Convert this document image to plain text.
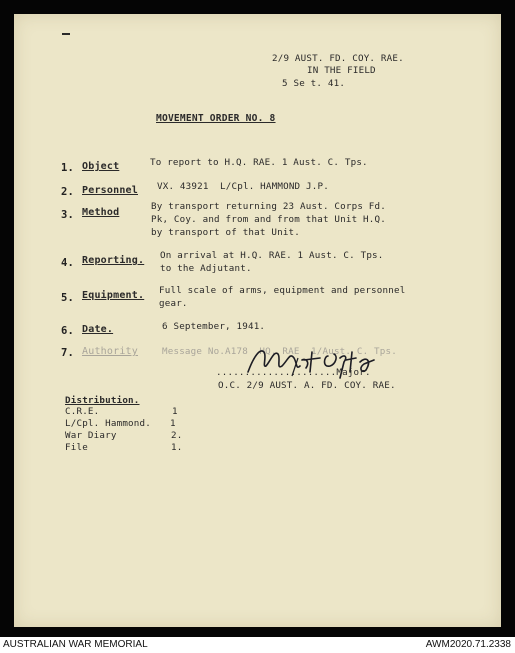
2/9 AUST. FD. COY. RAE.
IN THE FIELD
5 Se t. 41.
MOVEMENT ORDER NO. 8
1. Object	To report to H.Q. RAE. 1 Aust. C. Tps.
2. Personnel VX. 43921  L/Cpl. HAMMOND J.P.
3. Method
By transport returning 23 Aust. Corps Fd.
Pk, Coy. and from and from that Unit H.Q.
by transport of that Unit.
4. Reporting. On arrival at H.Q. RAE. 1 Aust. C. Tps.
to the Adjutant.
5. Equipment. Full scale of arms, equipment and personnel
gear.
6. Date.	6 September, 1941.
7. Authority	Message No.A178  HQ. RAE  1/Aust. C. Tps.
.....................Major.
O.C. 2/9 AUST. A. FD. COY. RAE.
Distribution.
C.R.E.	1
L/Cpl. Hammond. 1
War Diary	2.
File	1.
AUSTRALIAN WAR MEMORIAL	AWM2020.71.2338
